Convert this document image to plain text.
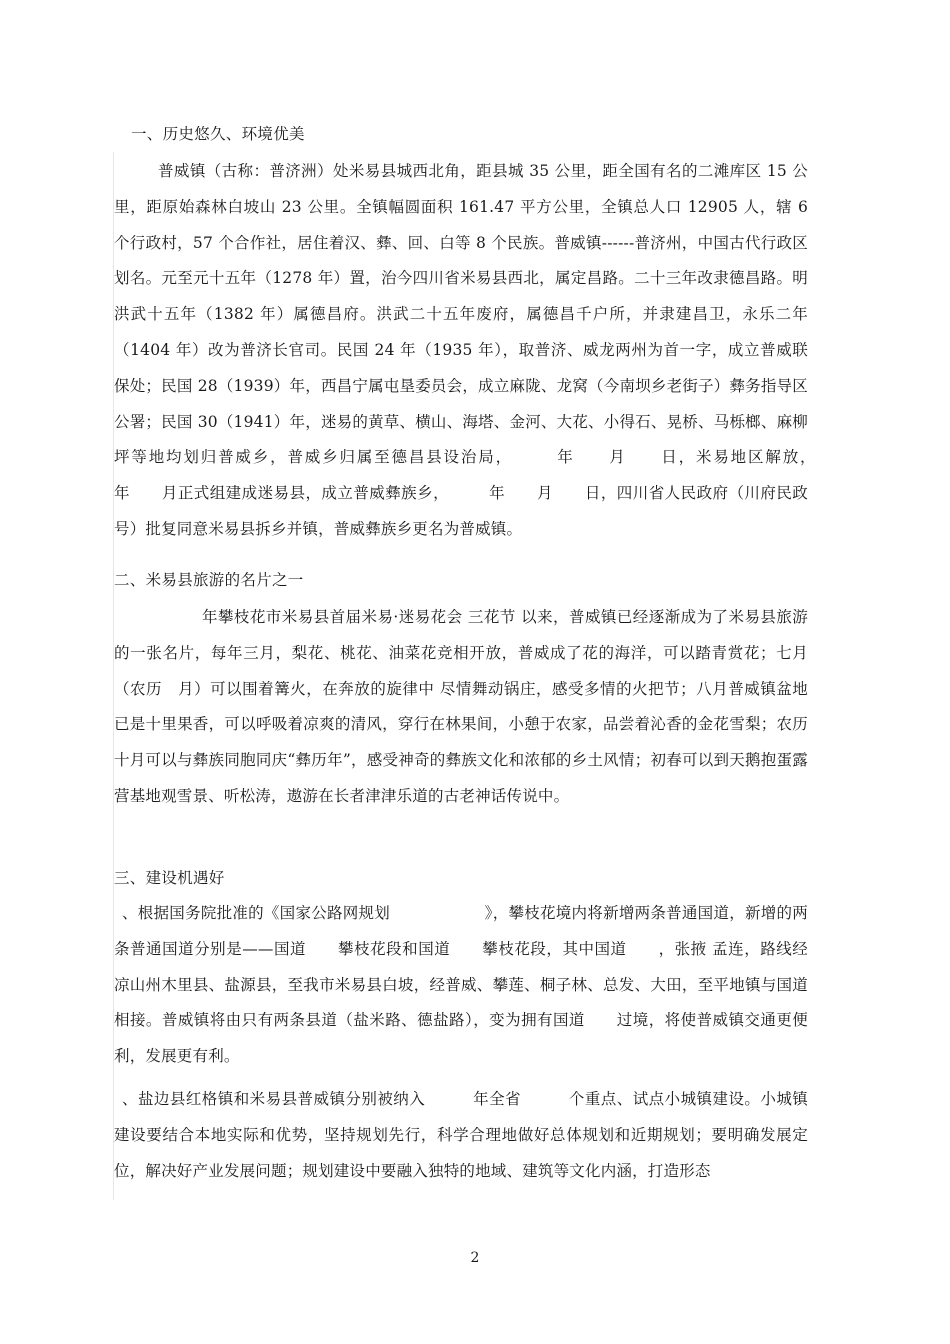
一、历史悠久、环境优美
普威镇（古称：普济洲）处米易县城西北角，距县城 35 公里，距全国有名的二滩库区 15 公里，距原始森林白坡山 23 公里。全镇幅圆面积 161.47 平方公里，全镇总人口 12905 人，辖 6 个行政村，57 个合作社，居住着汉、彝、回、白等 8 个民族。普威镇------普济州，中国古代行政区划名。元至元十五年（1278 年）置，治今四川省米易县西北，属定昌路。二十三年改隶德昌路。明洪武十五年（1382 年）属德昌府。洪武二十五年废府，属德昌千户所，并隶建昌卫，永乐二年（1404 年）改为普济长官司。民国 24 年（1935 年），取普济、威龙两州为首一字，成立普威联保处；民国 28（1939）年，西昌宁属屯垦委员会，成立麻陇、龙窝（今南坝乡老街子）彝务指导区公署；民国 30（1941）年，迷易的黄草、横山、海塔、金河、大花、小得石、晃桥、马栎榔、麻柳坪等地均划归普威乡，普威乡归属至德昌县设治局，　　　年　　月　　日，米易地区解放，　　　　年　　月正式组建成迷易县，成立普威彝族乡，　　　年　　月　　日，四川省人民政府（川府民政　　　　　号）批复同意米易县拆乡并镇，普威彝族乡更名为普威镇。
二、米易县旅游的名片之一
年攀枝花市米易县首届米易·迷易花会 三花节 以来，普威镇已经逐渐成为了米易县旅游的一张名片，每年三月，梨花、桃花、油菜花竞相开放，普威成了花的海洋，可以踏青赏花；七月（农历　月）可以围着篝火，在奔放的旋律中 尽情舞动锅庄，感受多情的火把节；八月普威镇盆地已是十里果香，可以呼吸着凉爽的清风，穿行在林果间，小憩于农家，品尝着沁香的金花雪梨；农历十月可以与彝族同胞同庆“彝历年”，感受神奇的彝族文化和浓郁的乡土风情；初春可以到天鹅抱蛋露营基地观雪景、听松涛，遨游在长者津津乐道的古老神话传说中。
三、建设机遇好
、根据国务院批准的《国家公路网规划　　　　　　》，攀枝花境内将新增两条普通国道，新增的两条普通国道分别是——国道　　攀枝花段和国道　　攀枝花段，其中国道　　，张掖 孟连，路线经凉山州木里县、盐源县，至我市米易县白坡，经普威、攀莲、桐子林、总发、大田，至平地镇与国道　　相接。普威镇将由只有两条县道（盐米路、德盐路），变为拥有国道　　过境，将使普威镇交通更便利，发展更有利。
、盐边县红格镇和米易县普威镇分别被纳入　　　年全省　　　个重点、试点小城镇建设。小城镇建设要结合本地实际和优势，坚持规划先行，科学合理地做好总体规划和近期规划；要明确发展定位，解决好产业发展问题；规划建设中要融入独特的地域、建筑等文化内涵，打造形态
2
